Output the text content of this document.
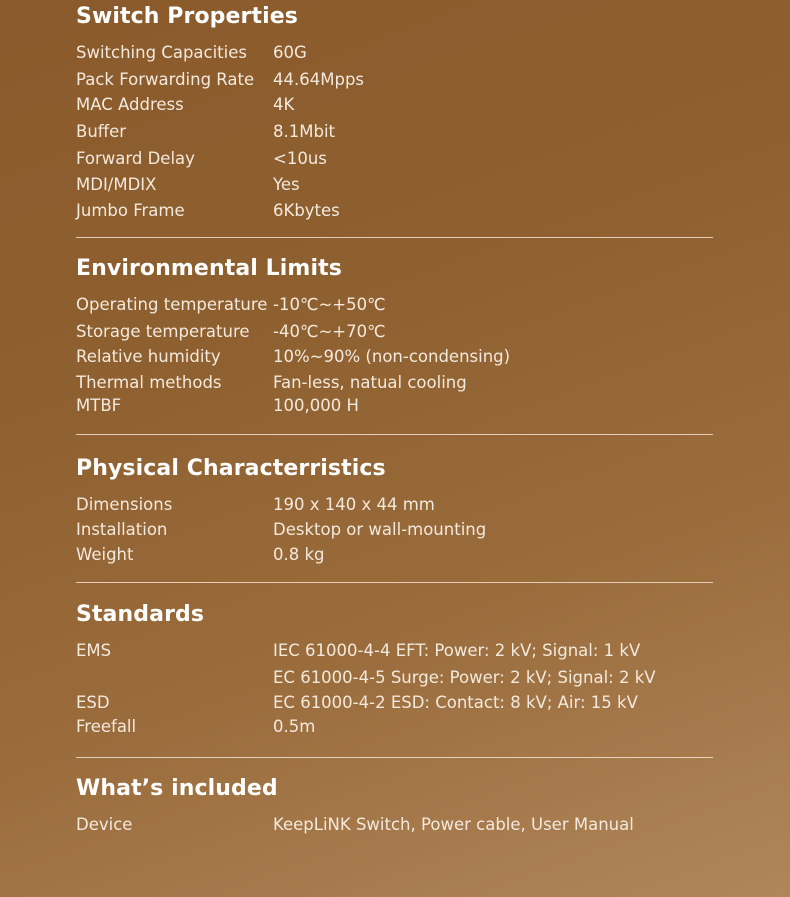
Switch Properties
Switching Capacities 60G
Pack Forwarding Rate 44.64Mpps
MAC Address	4K
Buffer	8.1Mbit
Forward Delay	<10us
MDI/MDIX	Yes
Jumbo Frame	6Kbytes
Environmental Limits
Operating temperature -10℃~+50℃
Storage temperature -40℃~+70℃
Relative humidity	10%~90% (non-condensing)
Thermal methods	Fan-less, natual cooling
MTBF	100,000 H
Physical Characterristics
Dimensions	190 x 140 x 44 mm
Installation	Desktop or wall-mounting
Weight	0.8 kg
Standards
EMS	IEC 61000-4-4 EFT: Power: 2 kV; Signal: 1 kV
EC 61000-4-5 Surge: Power: 2 kV; Signal: 2 kV
ESD	EC 61000-4-2 ESD: Contact: 8 kV; Air: 15 kV
Freefall	0.5m
What’s included
Device	KeepLiNK Switch, Power cable, User Manual
